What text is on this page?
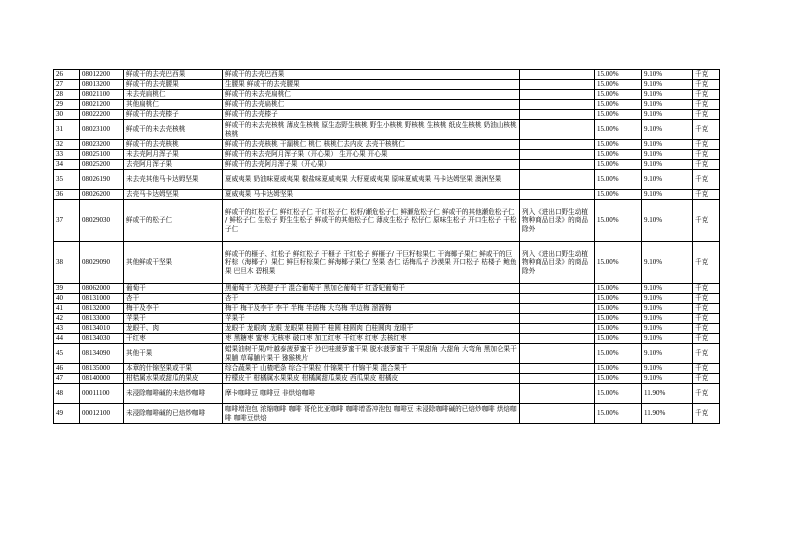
26	08012200	鲜或干的去壳巴西果	鲜或干的去壳巴西果		15.00%	9.10%	千克
27	08013200	鲜或干的去壳腰果	生腰果 鲜或干的去壳腰果		15.00%	9.10%	千克
28	08021100	未去壳扁桃仁	鲜或干的未去壳扁桃仁		15.00%	9.10%	千克
29	08021200	其他扁桃仁	鲜或干的去壳扁桃仁		15.00%	9.10%	千克
30	08022200	鲜或干的去壳榛子	鲜或干的去壳榛子		15.00%	9.10%	千克
31	08023100	鲜或干的未去壳核桃	鲜或干的未去壳核桃 薄皮生核桃 原生态野生核桃 野生小核桃 野核桃 生核桃 纸皮生核桃 奶油山核桃 核桃		15.00%	9.10%	千克
32	08023200	鲜或干的去壳核桃	鲜或干的去壳核桃 干漏桃仁 桃仁 核桃仁去内皮 去壳干核桃仁		15.00%	9.10%	千克
33	08025100	未去壳阿月浑子果	鲜或干的未去壳阿月浑子果（开心果） 生开心果 开心果		15.00%	9.10%	千克
34	08025200	去壳阿月浑子果	鲜或干的去壳阿月浑子果（开心果）		15.00%	9.10%	千克
35	08026190	未去壳其他马卡达姆坚果	夏威夷果 奶油味夏威夷果 椒盐味夏威夷果 大籽夏威夷果 原味夏威夷果 马卡达姆坚果 澳洲坚果		15.00%	9.10%	千克
36	08026200	去壳马卡达姆坚果	夏威夷果 马卡达姆坚果		15.00%	9.10%	千克
37	08029030	鲜或干的松子仁	鲜或干的红松子仁 鲜红松子仁 干红松子仁 松籽/瀬危松子仁 鲜瀬危松子仁 鲜或干的其他瀬危松子仁 / 鲜松子仁 生松子 野生生松子 鲜或干的其他松子仁 薄皮生松子 松仔仁 原味生松子 开口生松子 干松子仁	列入《进出口野生动植物种商品目录》的商品除外	15.00%	9.10%	千克
38	08029090	其他鲜或干坚果	鲜或干的榧子、红松子 鲜红松子 干榧子 干红松子 鲜榧子/ 干巨籽棕果仁 干海椰子果仁 鲜或干的巨籽棕（海椰子）果仁 鲜巨籽棕果仁 鲜海椰子果仁/ 坚果 杏仁 话梅瓜子 沙漠果 开口松子 枯楼子 鲍鱼果 巴旦木 碧根果	列入《进出口野生动植物种商品目录》的商品除外	15.00%	9.10%	千克
39	08062000	葡萄干	黑葡萄干 无核提子干 混合葡萄干 黑加仑葡萄干 红香妃葡萄干		15.00%	9.10%	千克
40	08131000	杏干	杏干		15.00%	9.10%	千克
41	08132000	梅干及李干	梅干 梅干及李干 李干 半梅 半话梅 大乌梅 半边梅 溜溜梅		15.00%	9.10%	千克
42	08133000	苹果干	苹果干		15.00%	9.10%	千克
43	08134010	龙眼干、肉	龙眼干 龙眼肉 龙眼 龙眼果 桂圆干 桂圆 桂圆肉 白桂圆肉 龙眼干		15.00%	9.10%	千克
44	08134030	干红枣	枣 黑糖枣 蜜枣 无核枣 破口枣 加工红枣 干红枣 红枣 去核红枣		15.00%	9.10%	千克
45	08134090	其他干果	蜡果油树干果/叶越泰菠萝蜜干 沙巴哇菠萝蜜干果 脱水菠萝蜜干 干果甜角 大甜角 大弯角 黑加仑果干果脯 草莓脯片果干 猕猴桃片		15.00%	9.10%	千克
46	08135000	本章的什锦坚果或干果	综合蔬果干 山楂吧条 综合干果粒 什锦果干 什锦干果 混合果干		15.00%	9.10%	千克
47	08140000	柑桔属水果或甜瓜的果皮	柠檬皮干 柑橘属水果果皮 柑橘属甜瓜果皮 西瓜果皮 柑橘皮		15.00%	9.10%	千克
48	00011100	未浸除咖啡碱的未焙炒咖啡	摩卡咖啡豆 咖啡豆 非烘焙咖啡		15.00%	11.90%	千克
49	00012100	未浸除咖啡碱的已焙炒咖啡	咖啡增泡包 浓缩咖啡 咖啡 哥伦比亚咖啡 咖啡增香冲泡包 咖啡豆 未浸除咖啡碱的已焙炒咖啡 烘焙咖啡 咖啡豆烘焙		15.00%	11.90%	千克
